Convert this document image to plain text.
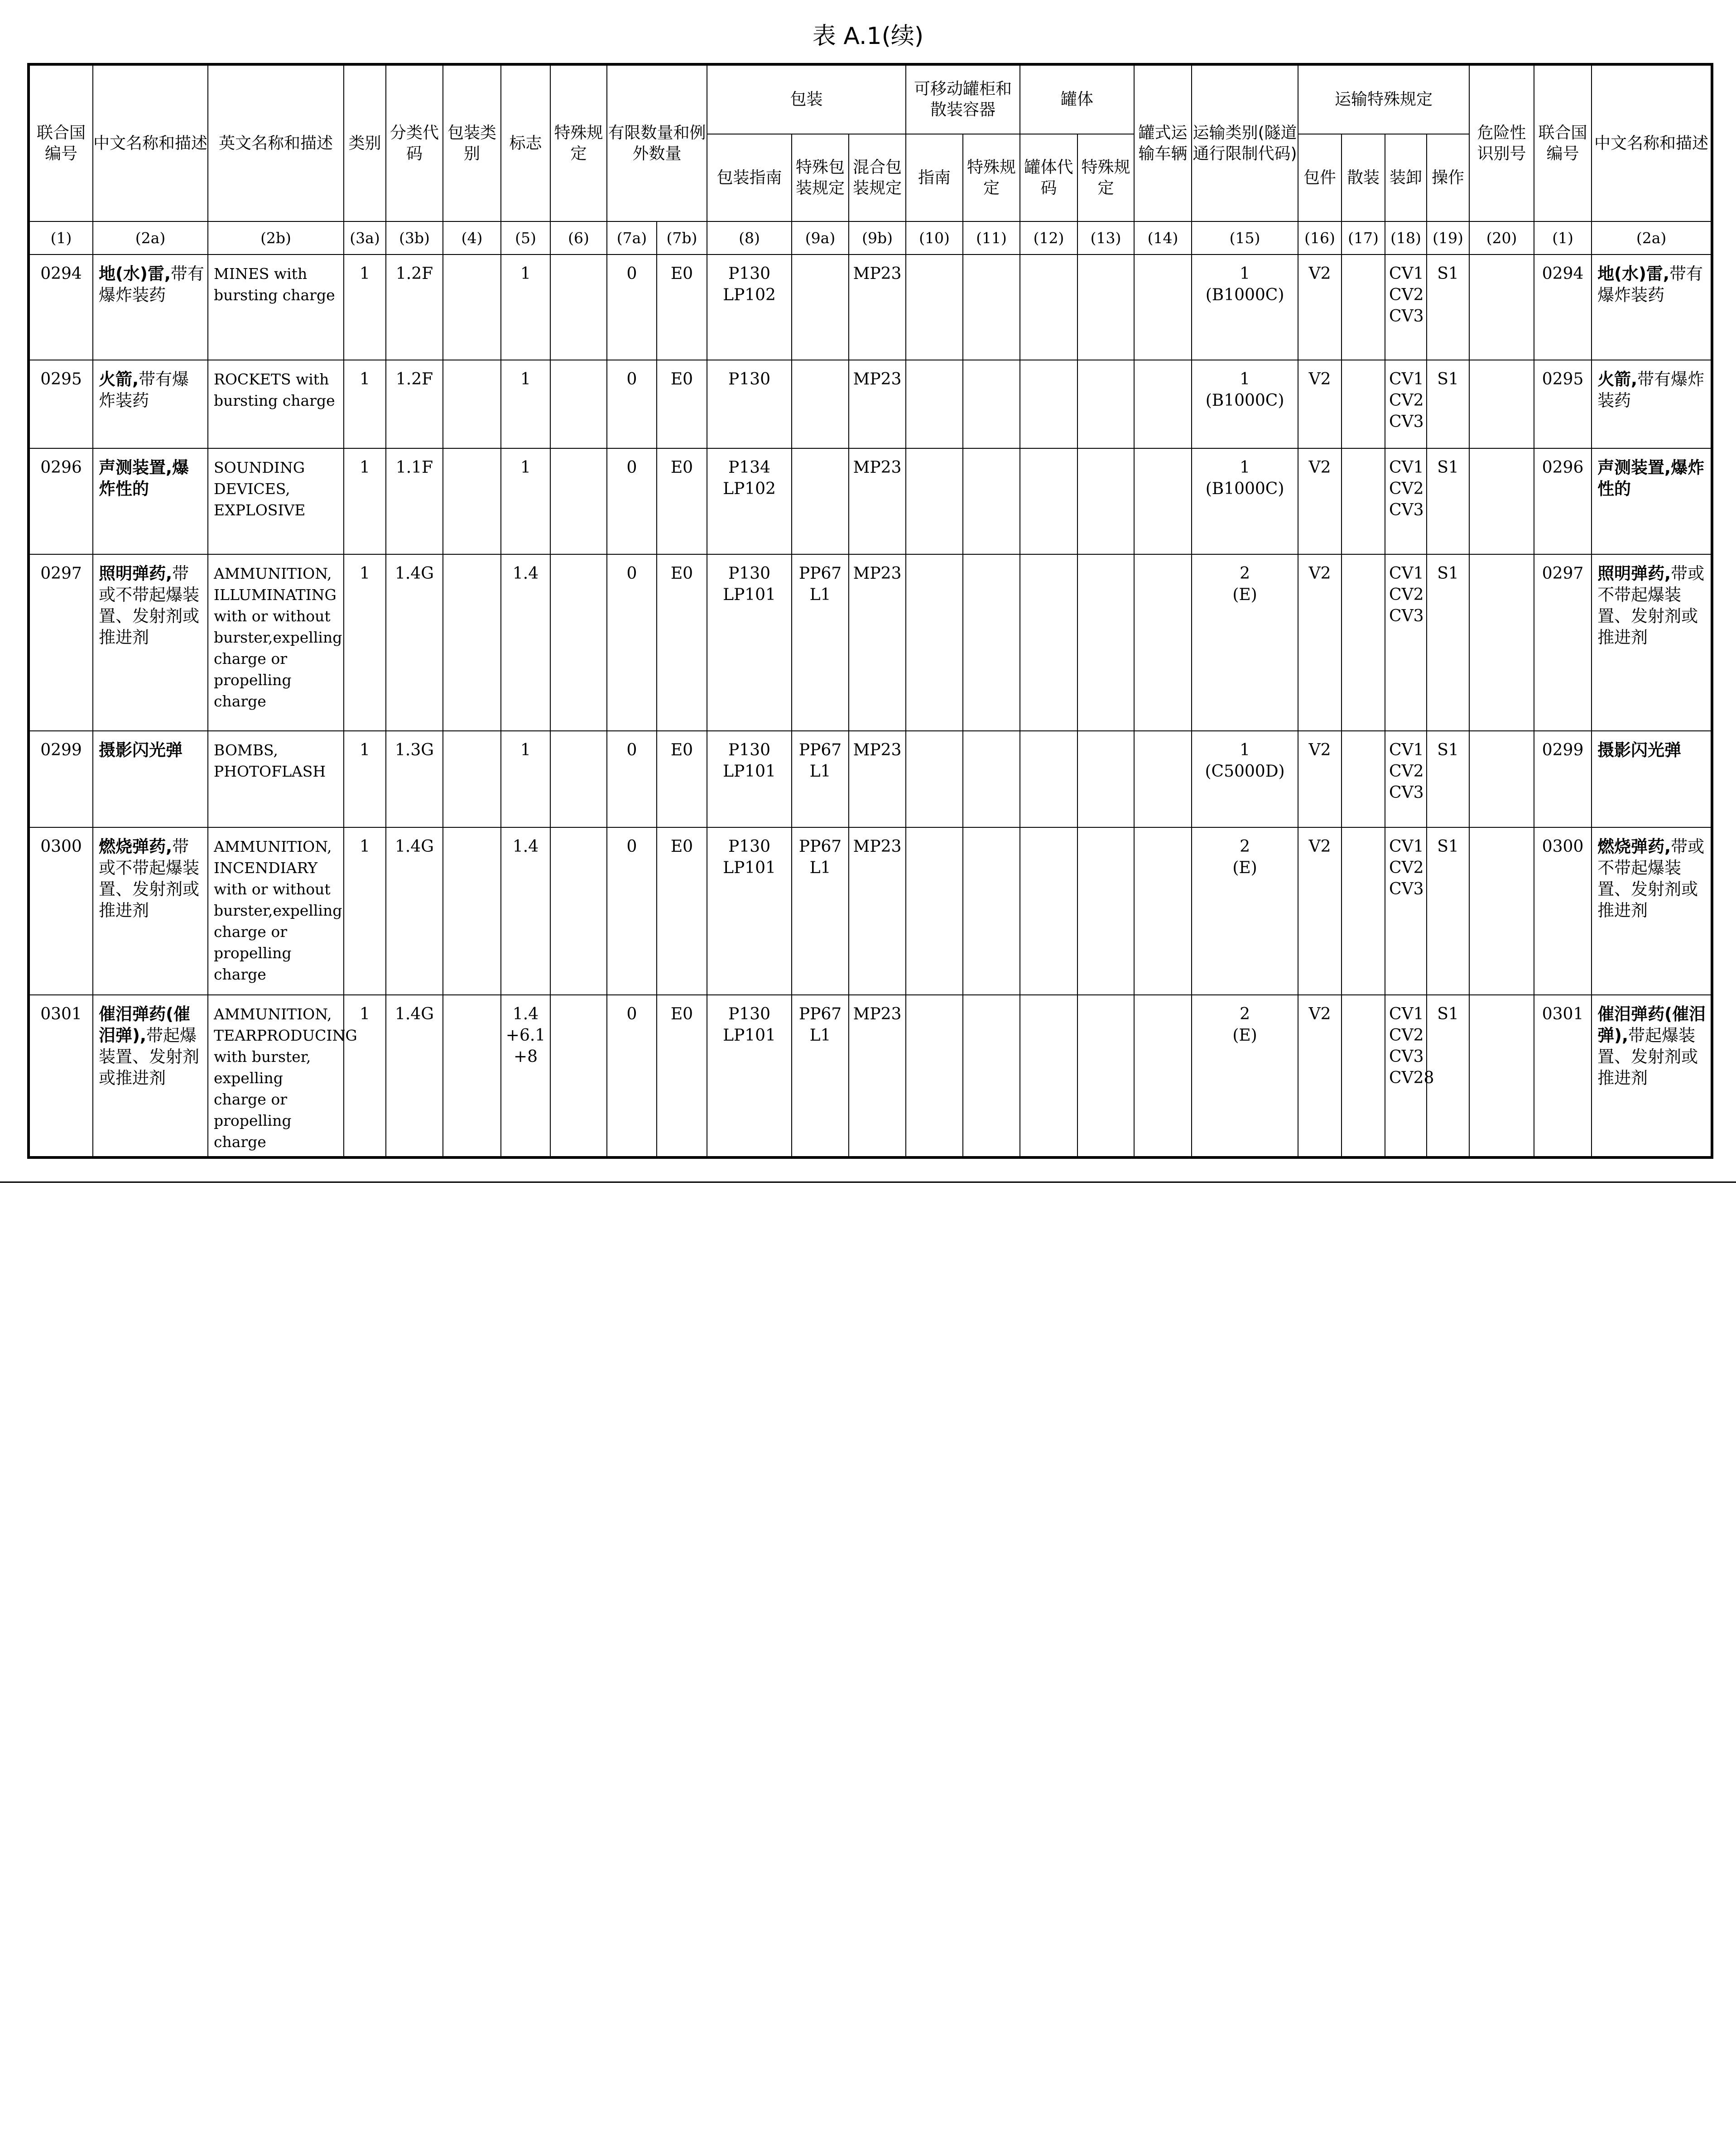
表 A.1(续)
联合国编号	中文名称和描述	英文名称和描述	类别	分类代码	包装类别	标志	特殊规定	有限数量和例外数量		包装			可移动罐柜和散装容器		罐体		罐式运输车辆	运输类别(隧道通行限制代码)	运输特殊规定				危险性识别号	联合国编号	中文名称和描述
										包装指南	特殊包装规定	混合包装规定	指南	特殊规定	罐体代码	特殊规定			包件	散装	装卸	操作			
(1)	(2a)	(2b)	(3a)	(3b)	(4)	(5)	(6)	(7a)	(7b)	(8)	(9a)	(9b)	(10)	(11)	(12)	(13)	(14)	(15)	(16)	(17)	(18)	(19)	(20)	(1)	(2a)

0294	地(水)雷,带有爆炸装药	MINES with bursting charge	1	1.2F		1		0	E0	P130
LP102		MP23						1
(B1000C)	V2		CV1
CV2
CV3	S1		0294	地(水)雷,带有爆炸装药

0295	火箭,带有爆炸装药	ROCKETS with bursting charge	1	1.2F		1		0	E0	P130		MP23						1
(B1000C)	V2		CV1
CV2
CV3	S1		0295	火箭,带有爆炸装药

0296	声测装置,爆炸性的	SOUNDING DEVICES, EXPLOSIVE	1	1.1F		1		0	E0	P134
LP102		MP23						1
(B1000C)	V2		CV1
CV2
CV3	S1		0296	声测装置,爆炸性的

0297	照明弹药,带或不带起爆装置、发射剂或推进剂	AMMUNITION, ILLUMINATING with or without burster,expelling charge or propelling charge	1	1.4G		1.4		0	E0	P130
LP101	PP67
L1	MP23						2
(E)	V2		CV1
CV2
CV3	S1		0297	照明弹药,带或不带起爆装置、发射剂或推进剂

0299	摄影闪光弹	BOMBS, PHOTOFLASH	1	1.3G		1		0	E0	P130
LP101	PP67
L1	MP23						1
(C5000D)	V2		CV1
CV2
CV3	S1		0299	摄影闪光弹

0300	燃烧弹药,带或不带起爆装置、发射剂或推进剂	AMMUNITION, INCENDIARY with or without burster,expelling charge or propelling charge	1	1.4G		1.4		0	E0	P130
LP101	PP67
L1	MP23						2
(E)	V2		CV1
CV2
CV3	S1		0300	燃烧弹药,带或不带起爆装置、发射剂或推进剂

0301	催泪弹药(催泪弹),带起爆装置、发射剂或推进剂	AMMUNITION, TEARPRODUCING with burster, expelling charge or propelling charge	1	1.4G		1.4
+6.1
+8		0	E0	P130
LP101	PP67
L1	MP23						2
(E)	V2		CV1
CV2
CV3
CV28	S1		0301	催泪弹药(催泪弹),带起爆装置、发射剂或推进剂
